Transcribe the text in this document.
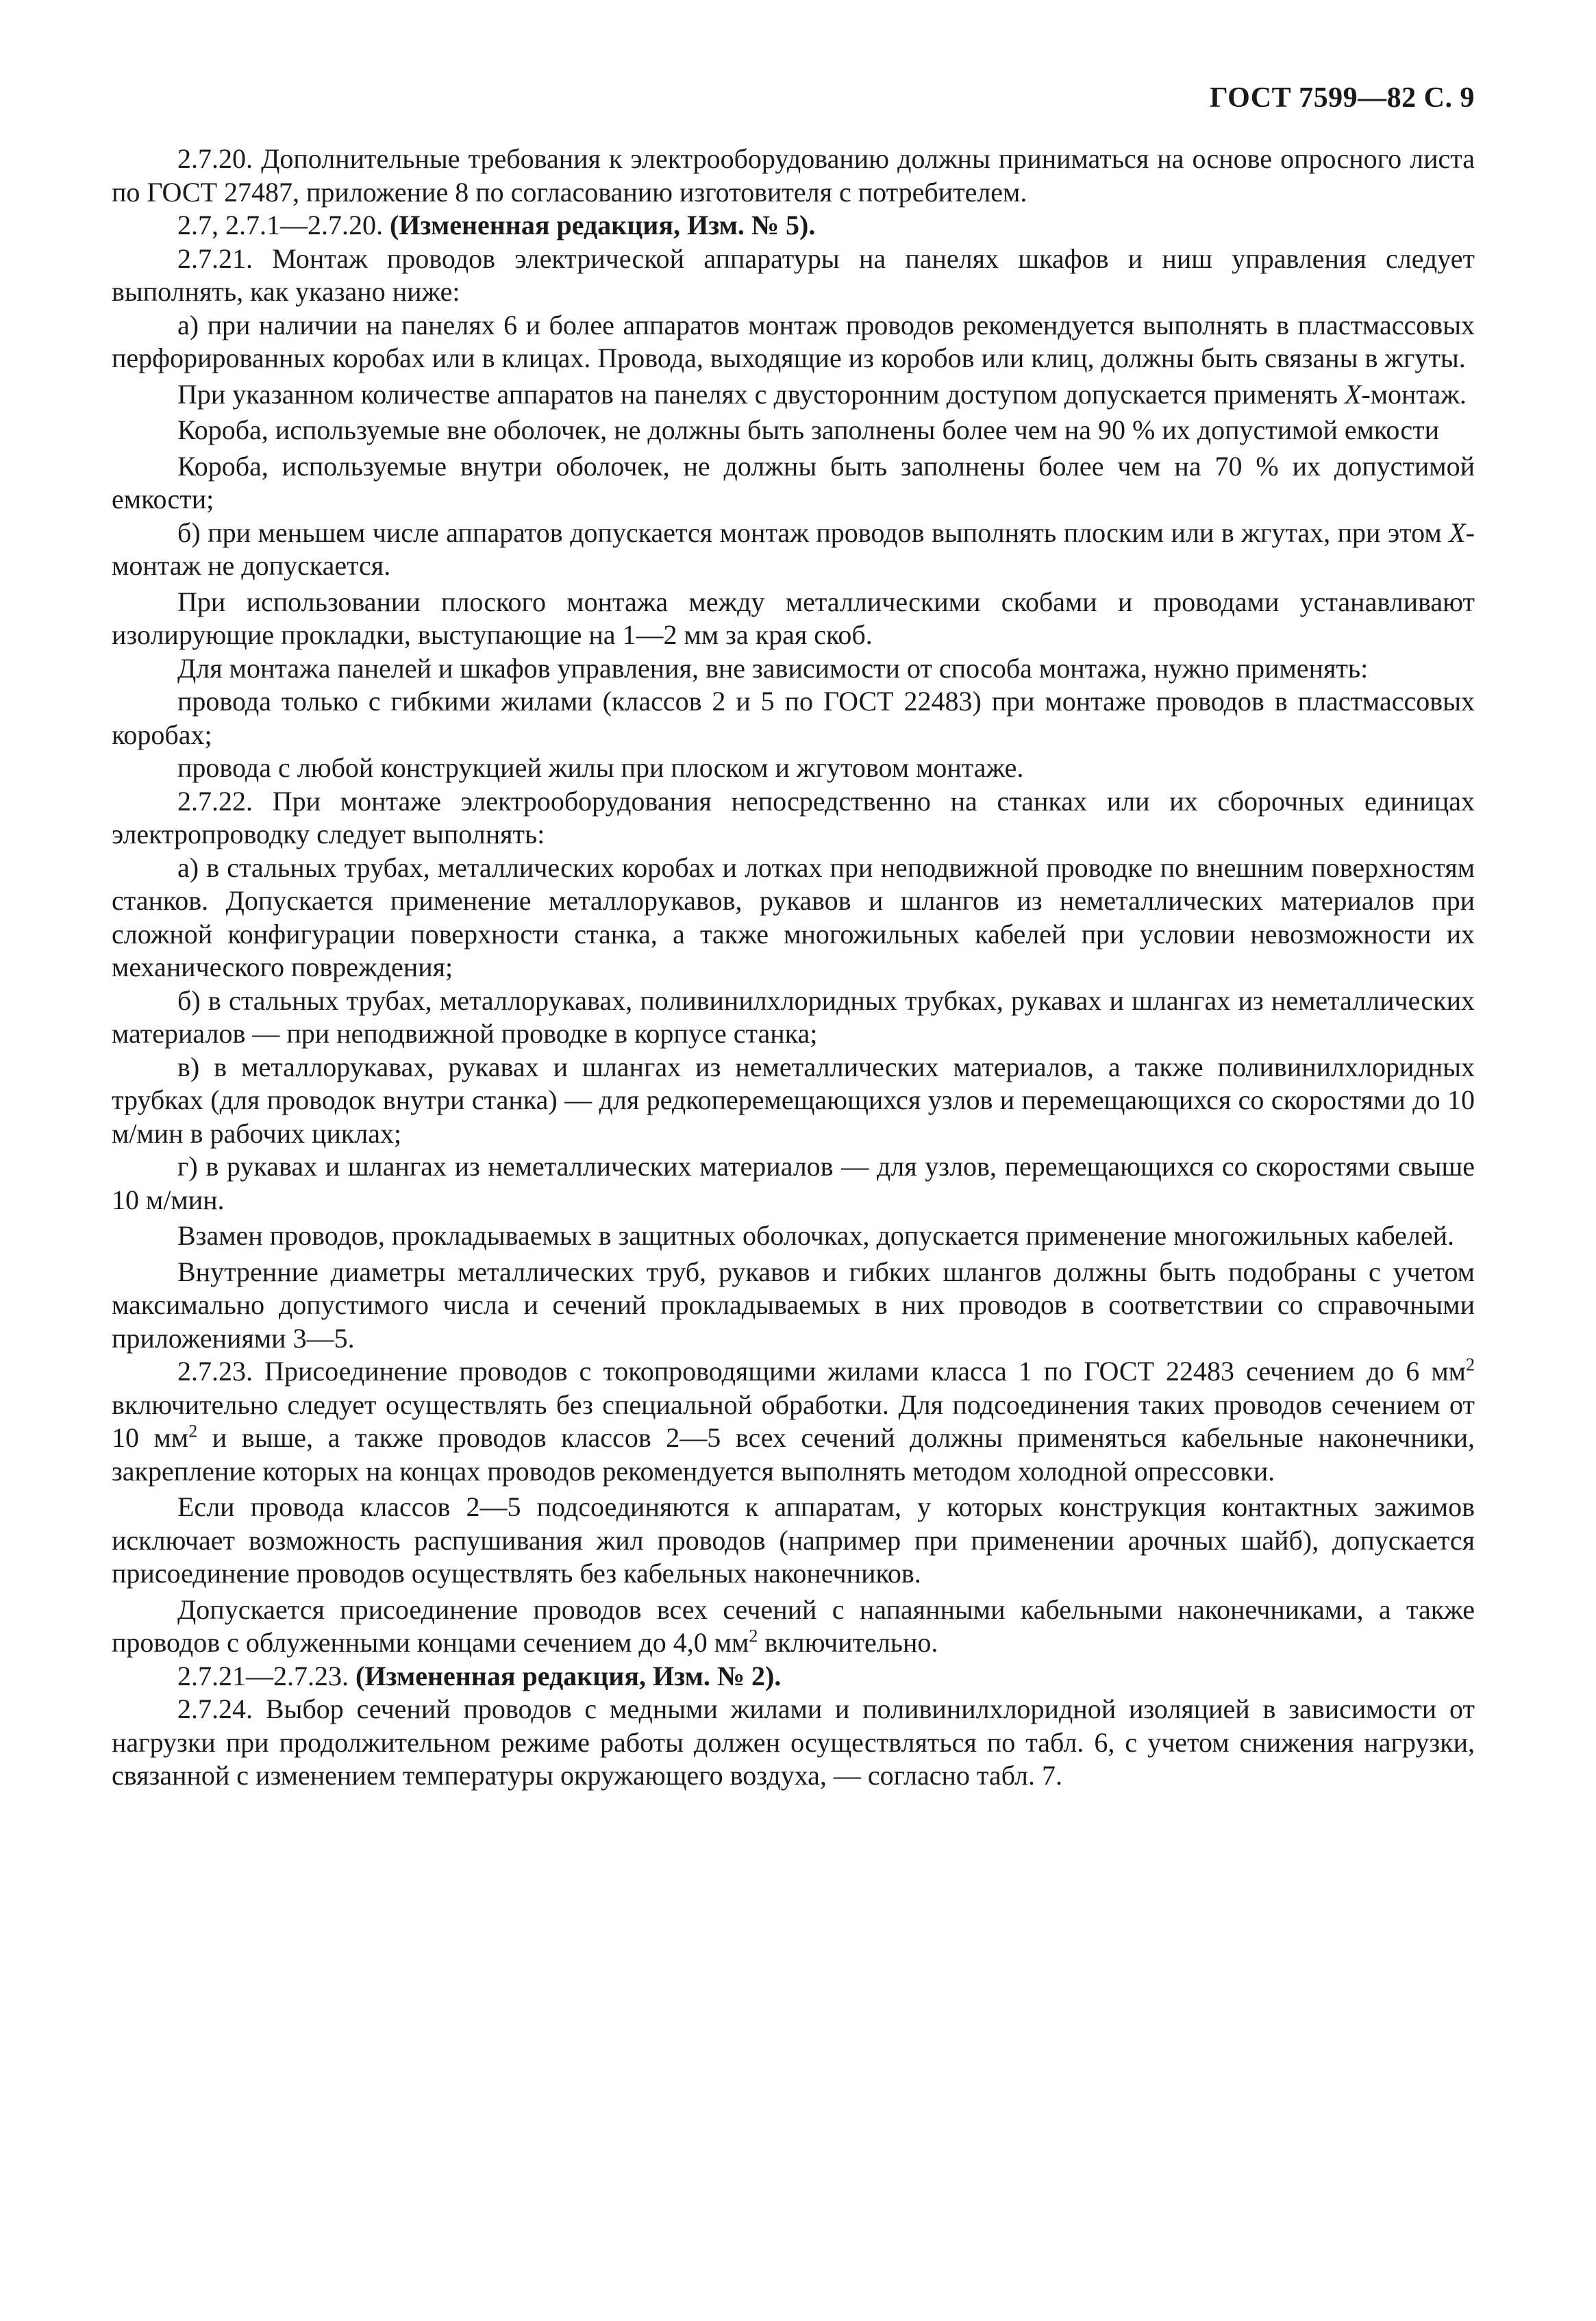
ГОСТ 7599—82 С. 9

2.7.20. Дополнительные требования к электрооборудованию должны приниматься на основе опросного листа по ГОСТ 27487, приложение 8 по согласованию изготовителя с потребителем.

2.7, 2.7.1—2.7.20. (Измененная редакция, Изм. № 5).

2.7.21. Монтаж проводов электрической аппаратуры на панелях шкафов и ниш управления следует выполнять, как указано ниже:

а) при наличии на панелях 6 и более аппаратов монтаж проводов рекомендуется выполнять в пластмассовых перфорированных коробах или в клицах. Провода, выходящие из коробов или клиц, должны быть связаны в жгуты.

При указанном количестве аппаратов на панелях с двусторонним доступом допускается применять X-монтаж.

Короба, используемые вне оболочек, не должны быть заполнены более чем на 90 % их допустимой емкости

Короба, используемые внутри оболочек, не должны быть заполнены более чем на 70 % их допустимой емкости;

б) при меньшем числе аппаратов допускается монтаж проводов выполнять плоским или в жгутах, при этом X-монтаж не допускается.

При использовании плоского монтажа между металлическими скобами и проводами устанавливают изолирующие прокладки, выступающие на 1—2 мм за края скоб.

Для монтажа панелей и шкафов управления, вне зависимости от способа монтажа, нужно применять:

провода только с гибкими жилами (классов 2 и 5 по ГОСТ 22483) при монтаже проводов в пластмассовых коробах;

провода с любой конструкцией жилы при плоском и жгутовом монтаже.

2.7.22. При монтаже электрооборудования непосредственно на станках или их сборочных единицах электропроводку следует выполнять:

а) в стальных трубах, металлических коробах и лотках при неподвижной проводке по внешним поверхностям станков. Допускается применение металлорукавов, рукавов и шлангов из неметаллических материалов при сложной конфигурации поверхности станка, а также многожильных кабелей при условии невозможности их механического повреждения;

б) в стальных трубах, металлорукавах, поливинилхлоридных трубках, рукавах и шлангах из неметаллических материалов — при неподвижной проводке в корпусе станка;

в) в металлорукавах, рукавах и шлангах из неметаллических материалов, а также поливинилхлоридных трубках (для проводок внутри станка) — для редкоперемещающихся узлов и перемещающихся со скоростями до 10 м/мин в рабочих циклах;

г) в рукавах и шлангах из неметаллических материалов — для узлов, перемещающихся со скоростями свыше 10 м/мин.

Взамен проводов, прокладываемых в защитных оболочках, допускается применение многожильных кабелей.

Внутренние диаметры металлических труб, рукавов и гибких шлангов должны быть подобраны с учетом максимально допустимого числа и сечений прокладываемых в них проводов в соответствии со справочными приложениями 3—5.

2.7.23. Присоединение проводов с токопроводящими жилами класса 1 по ГОСТ 22483 сечением до 6 $мм^2$ включительно следует осуществлять без специальной обработки. Для подсоединения таких проводов сечением от 10 $мм^2$ и выше, а также проводов классов 2—5 всех сечений должны применяться кабельные наконечники, закрепление которых на концах проводов рекомендуется выполнять методом холодной опрессовки.

Если провода классов 2—5 подсоединяются к аппаратам, у которых конструкция контактных зажимов исключает возможность распушивания жил проводов (например при применении арочных шайб), допускается присоединение проводов осуществлять без кабельных наконечников.

Допускается присоединение проводов всех сечений с напаянными кабельными наконечниками, а также проводов с облуженными концами сечением до 4,0 $мм^2$ включительно.

2.7.21—2.7.23. (Измененная редакция, Изм. № 2).

2.7.24. Выбор сечений проводов с медными жилами и поливинилхлоридной изоляцией в зависимости от нагрузки при продолжительном режиме работы должен осуществляться по табл. 6, с учетом снижения нагрузки, связанной с изменением температуры окружающего воздуха, — согласно табл. 7.
